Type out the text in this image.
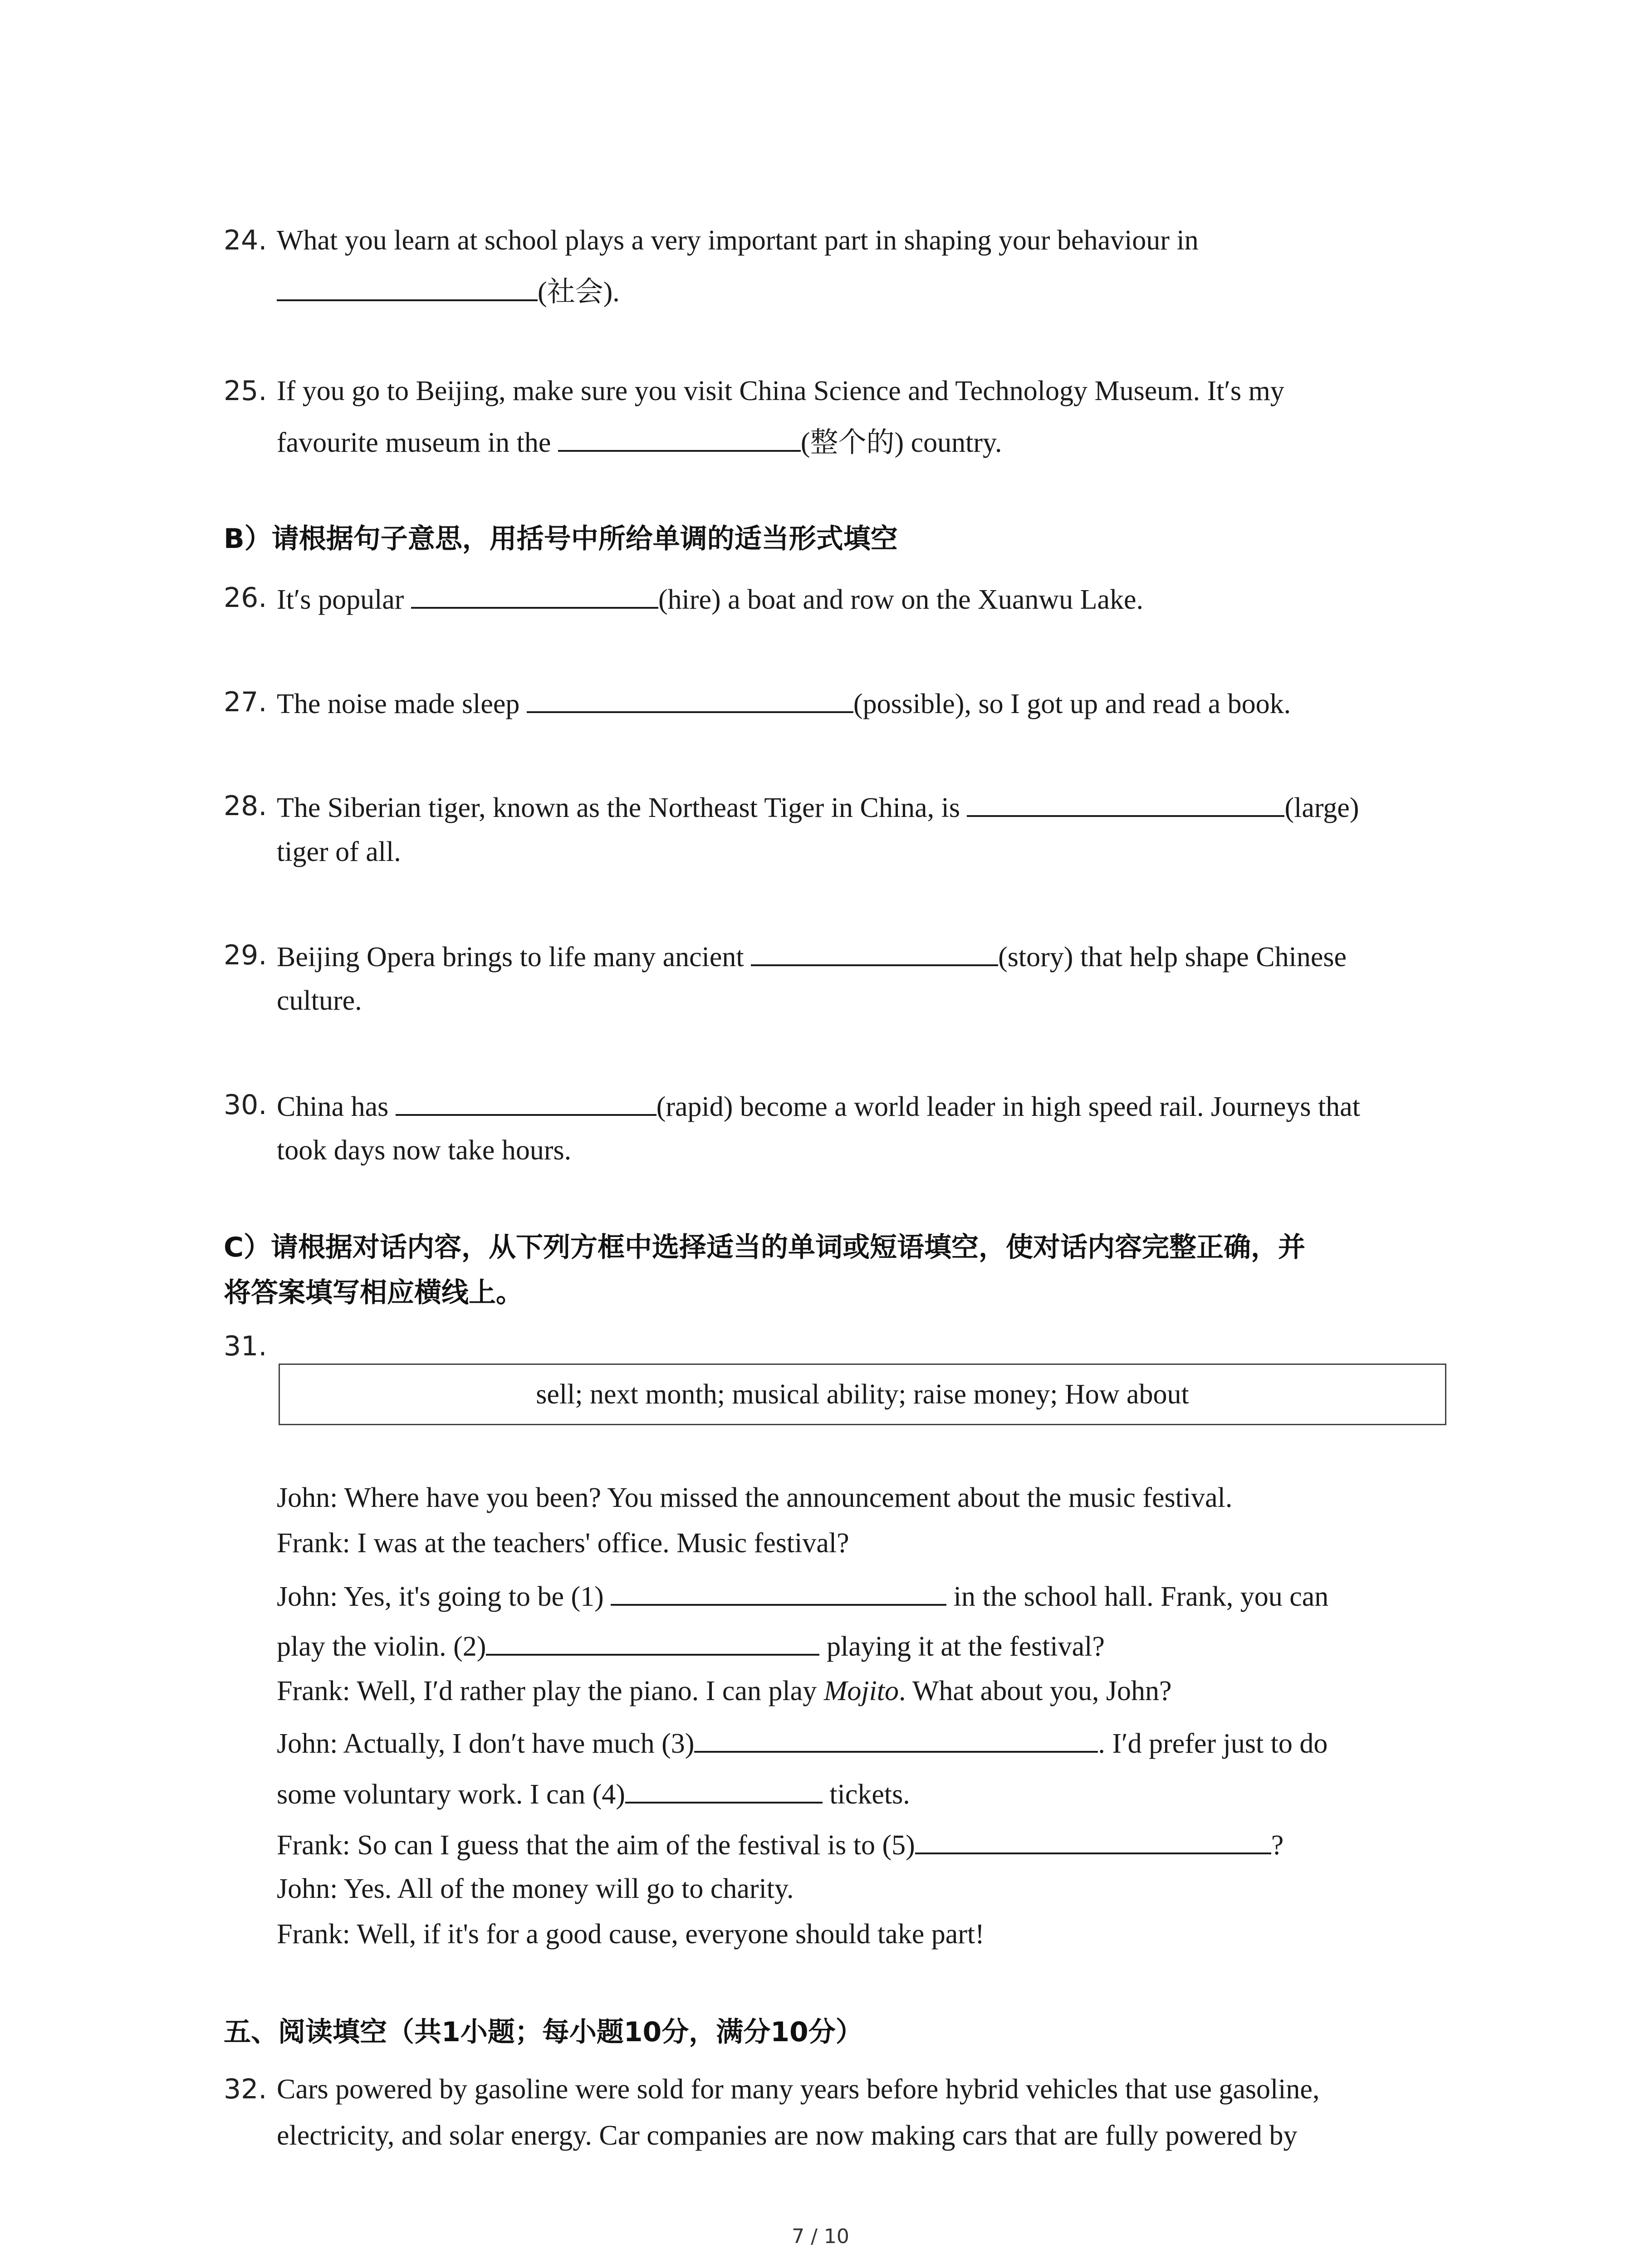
24. What you learn at school plays a very important part in shaping your behaviour in
(社会).
25. If you go to Beijing, make sure you visit China Science and Technology Museum. It′s my
favourite museum in the	(整个的) country.
B）请根据句子意思，用括号中所给单调的适当形式填空
26. It′s popular	(hire) a boat and row on the Xuanwu Lake.
27. The noise made sleep	(possible), so I got up and read a book.
28. The Siberian tiger, known as the Northeast Tiger in China, is	(large)
tiger of all.
29. Beijing Opera brings to life many ancient	(story) that help shape Chinese
culture.
30. China has	(rapid) become a world leader in high speed rail. Journeys that
took days now take hours.
C）请根据对话内容，从下列方框中选择适当的单词或短语填空，使对话内容完整正确，并
将答案填写相应横线上。
31.
sell; next month; musical ability; raise money; How about
John: Where have you been? You missed the announcement about the music festival.
Frank: I was at the teachers' office. Music festival?
John: Yes, it's going to be (1)	in the school hall. Frank, you can
play the violin. (2)	playing it at the festival?
Frank: Well, I′d rather play the piano. I can play Mojito. What about you, John?
John: Actually, I don′t have much (3)	. I′d prefer just to do
some voluntary work. I can (4)	tickets.
Frank: So can I guess that the aim of the festival is to (5)	?
John: Yes. All of the money will go to charity.
Frank: Well, if it's for a good cause, everyone should take part!
五、阅读填空（共1小题；每小题10分，满分10分）
32. Cars powered by gasoline were sold for many years before hybrid vehicles that use gasoline,
electricity, and solar energy. Car companies are now making cars that are fully powered by
7 / 10
